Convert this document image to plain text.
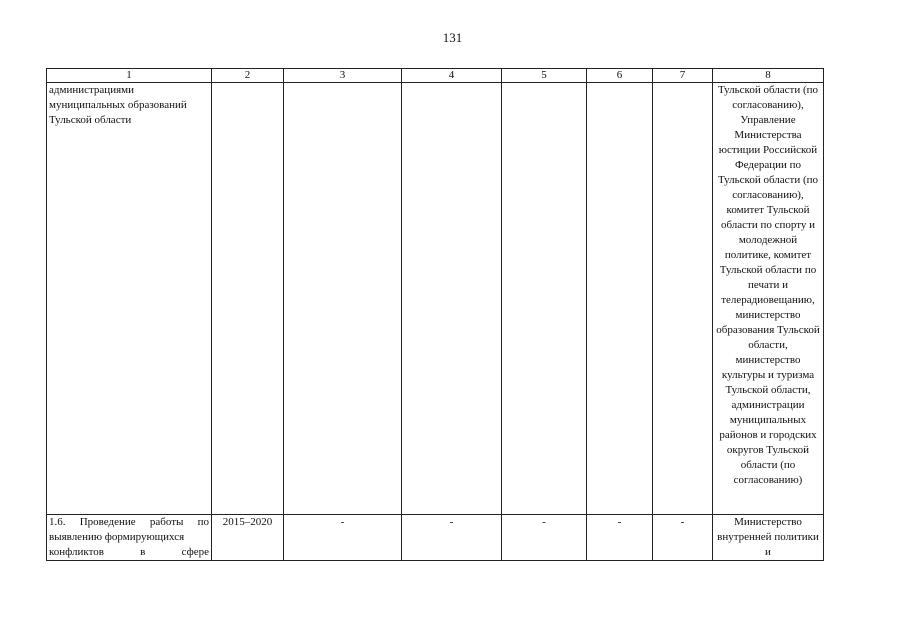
131
1	2	3	4	5	6	7	8
администрациями муниципальных образований Тульской области							Тульской области (по согласованию), Управление Министерства юстиции Российской Федерации по Тульской области (по согласованию), комитет Тульской области по спорту и молодежной политике, комитет Тульской области по печати и телерадиовещанию, министерство образования Тульской области, министерство культуры и туризма Тульской области, администрации муниципальных районов и городских округов Тульской области (по согласованию)

1.6. Проведение работы по выявлению формирующихся
конфликтов в сфере	2015–2020	-	-	-	-	-	Министерство внутренней политики и
